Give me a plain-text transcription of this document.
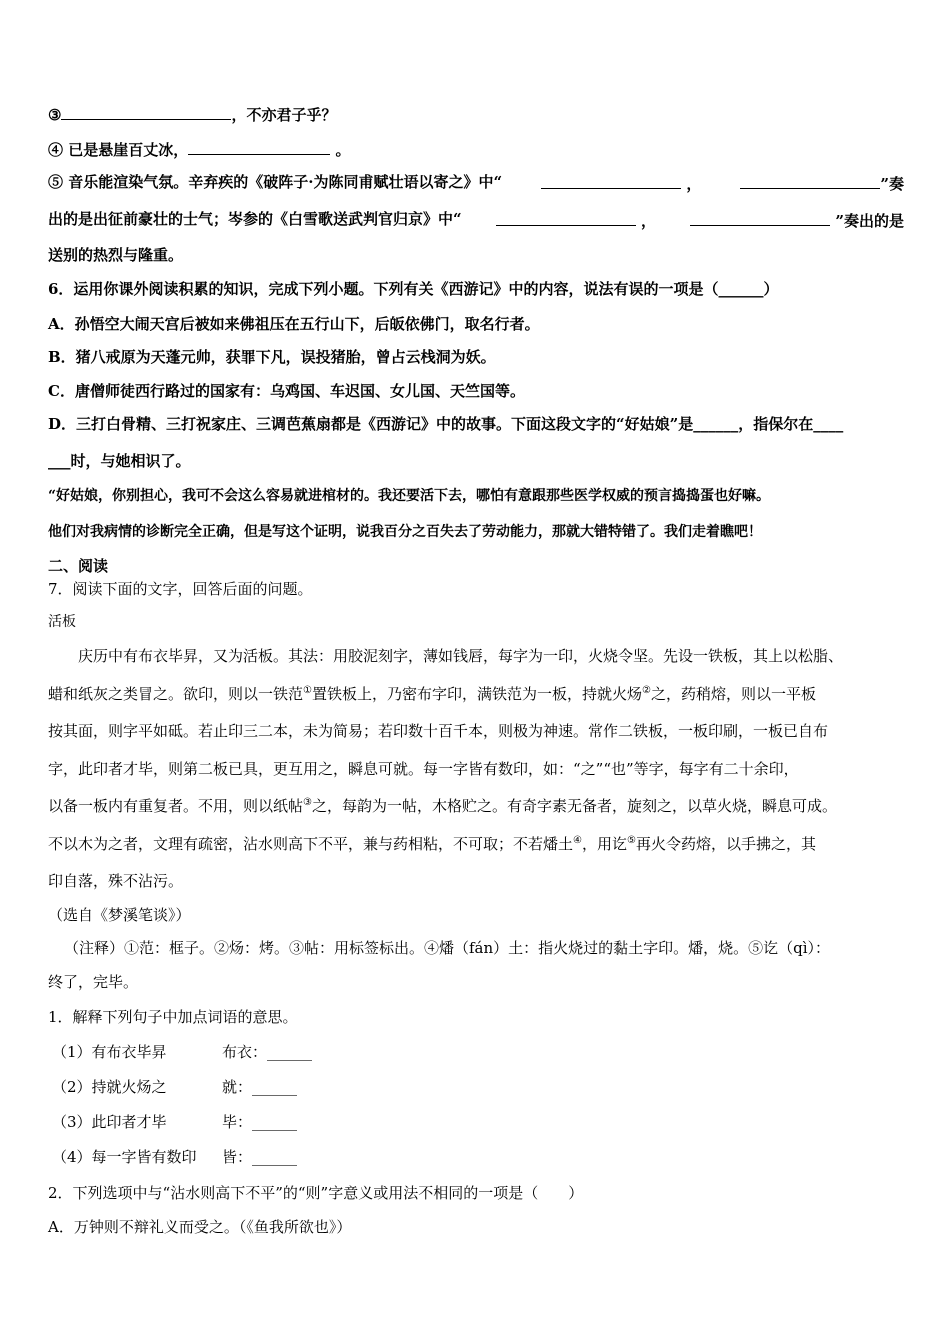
③	，不亦君子乎？
④ 已是悬崖百丈冰，	。
⑤ 音乐能渲染气氛。辛弃疾的《破阵子·为陈同甫赋壮语以寄之》中“	，	”奏
出的是出征前豪壮的士气；岑参的《白雪歌送武判官归京》中“	，	”奏出的是
送别的热烈与隆重。
6．运用你课外阅读积累的知识，完成下列小题。下列有关《西游记》中的内容，说法有误的一项是（______）
A．孙悟空大闹天宫后被如来佛祖压在五行山下，后皈依佛门，取名行者。
B．猪八戒原为天蓬元帅，获罪下凡，误投猪胎，曾占云栈洞为妖。
C．唐僧师徒西行路过的国家有：乌鸡国、车迟国、女儿国、天竺国等。
D．三打白骨精、三打祝家庄、三调芭蕉扇都是《西游记》中的故事。下面这段文字的“好姑娘”是______，指保尔在____
___时，与她相识了。
“好姑娘，你别担心，我可不会这么容易就进棺材的。我还要活下去，哪怕有意跟那些医学权威的预言捣捣蛋也好嘛。
他们对我病情的诊断完全正确，但是写这个证明，说我百分之百失去了劳动能力，那就大错特错了。我们走着瞧吧！
二、阅读
7．阅读下面的文字，回答后面的问题。
活板
庆历中有布衣毕昇，又为活板。其法：用胶泥刻字，薄如钱唇，每字为一印，火烧令坚。先设一铁板，其上以松脂、
蜡和纸灰之类冒之。欲印，则以一铁范①置铁板上，乃密布字印，满铁范为一板，持就火炀②之，药稍熔，则以一平板
按其面，则字平如砥。若止印三二本，未为简易；若印数十百千本，则极为神速。常作二铁板，一板印刷，一板已自布
字，此印者才毕，则第二板已具，更互用之，瞬息可就。每一字皆有数印，如：“之”“也”等字，每字有二十余印，
以备一板内有重复者。不用，则以纸帖③之，每韵为一帖，木格贮之。有奇字素无备者，旋刻之，以草火烧，瞬息可成。
不以木为之者，文理有疏密，沾水则高下不平，兼与药相粘，不可取；不若燔土④，用讫⑤再火令药熔，以手拂之，其
印自落，殊不沾污。
（选自《梦溪笔谈》）
（注释）①范：框子。②炀：烤。③帖：用标签标出。④燔（fán）土：指火烧过的黏土字印。燔，烧。⑤讫（qì）：
终了，完毕。
1．解释下列句子中加点词语的意思。
（1）有布衣毕昇	布衣：______
（2）持就火炀之	就：______
（3）此印者才毕	毕：______
（4）每一字皆有数印 皆：______
2．下列选项中与“沾水则高下不平”的“则”字意义或用法不相同的一项是（　　）
A．万钟则不辩礼义而受之。（《鱼我所欲也》）
